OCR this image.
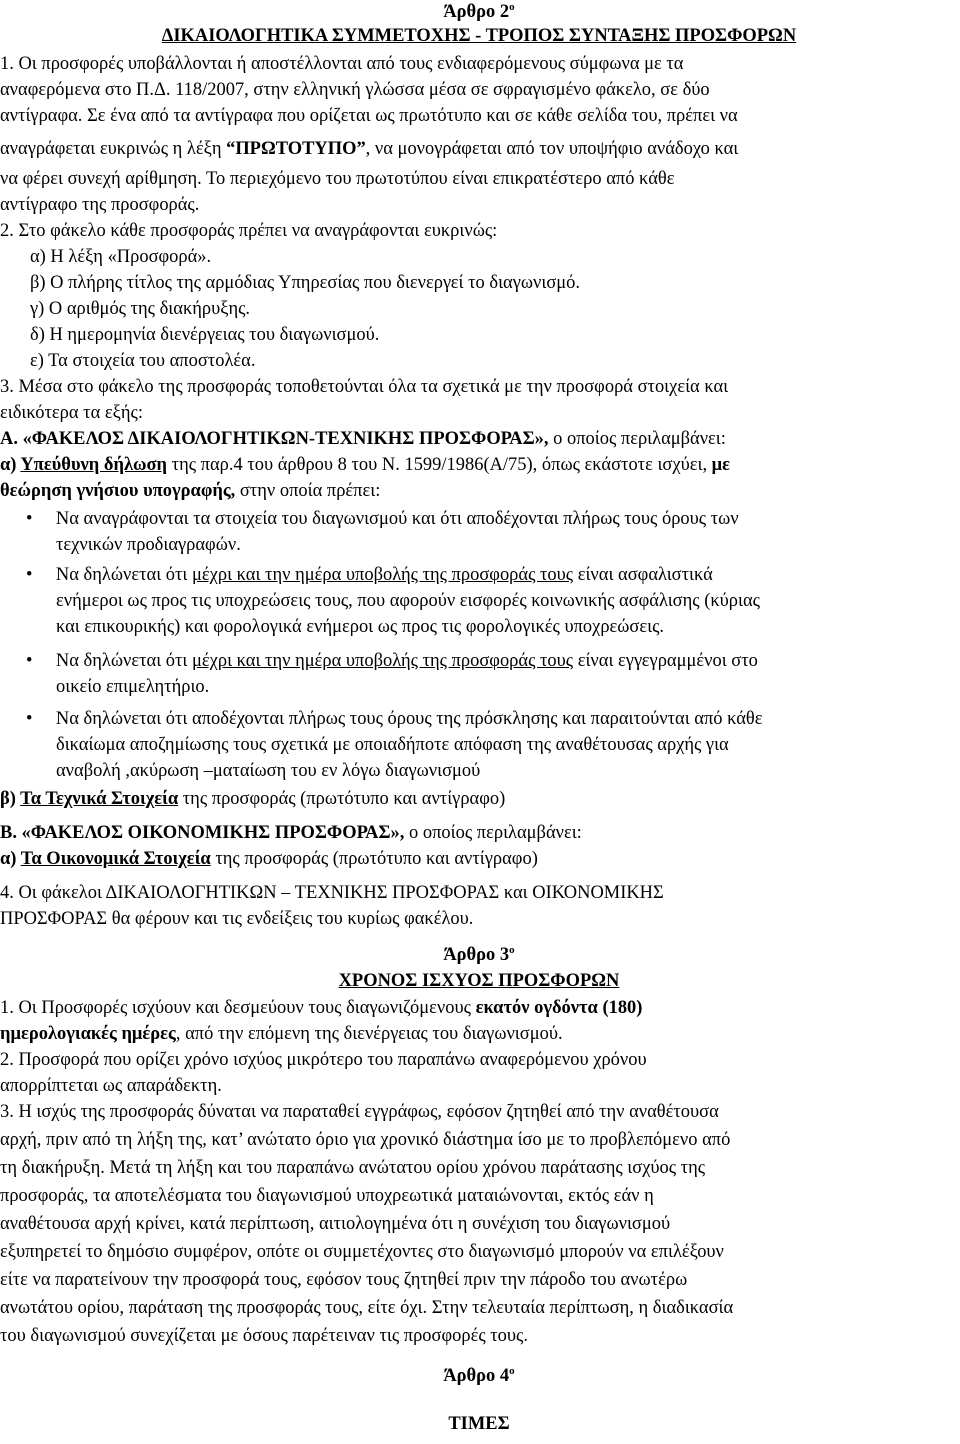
Άρθρο $2^o$
ΔΙΚΑΙΟΛΟΓΗΤΙΚΑ ΣΥΜΜΕΤΟΧΗΣ - ΤΡΟΠΟΣ ΣΥΝΤΑΞΗΣ ΠΡΟΣΦΟΡΩΝ
1. Οι προσφορές υποβάλλονται ή αποστέλλονται από τους ενδιαφερόμενους σύμφωνα με τα
αναφερόμενα στο Π.Δ. 118/2007, στην ελληνική γλώσσα μέσα σε σφραγισμένο φάκελο, σε δύο
αντίγραφα. Σε ένα από τα αντίγραφα που ορίζεται ως πρωτότυπο και σε κάθε σελίδα του, πρέπει να
αναγράφεται ευκρινώς η λέξη “ΠΡΩΤΟΤΥΠΟ”, να μονογράφεται από τον υποψήφιο ανάδοχο και
να φέρει συνεχή αρίθμηση. Το περιεχόμενο του πρωτοτύπου είναι επικρατέστερο από κάθε
αντίγραφο της προσφοράς.
2. Στο φάκελο κάθε προσφοράς πρέπει να αναγράφονται ευκρινώς:
α) Η λέξη «Προσφορά».
β) Ο πλήρης τίτλος της αρμόδιας Υπηρεσίας που διενεργεί το διαγωνισμό.
γ) Ο αριθμός της διακήρυξης.
δ) Η ημερομηνία διενέργειας του διαγωνισμού.
ε) Τα στοιχεία του αποστολέα.
3. Μέσα στο φάκελο της προσφοράς τοποθετούνται όλα τα σχετικά με την προσφορά στοιχεία και
ειδικότερα τα εξής:
Α. «ΦΑΚΕΛΟΣ ΔΙΚΑΙΟΛΟΓΗΤΙΚΩΝ-ΤΕΧΝΙΚΗΣ ΠΡΟΣΦΟΡΑΣ», ο οποίος περιλαμβάνει:
α) Υπεύθυνη δήλωση της παρ.4 του άρθρου 8 του Ν. 1599/1986(Α/75), όπως εκάστοτε ισχύει, με
θεώρηση γνήσιου υπογραφής, στην οποία πρέπει:
• Να αναγράφονται τα στοιχεία του διαγωνισμού και ότι αποδέχονται πλήρως τους όρους των
τεχνικών προδιαγραφών.
• Να δηλώνεται ότι μέχρι και την ημέρα υποβολής της προσφοράς τους είναι ασφαλιστικά
ενήμεροι ως προς τις υποχρεώσεις τους, που αφορούν εισφορές κοινωνικής ασφάλισης (κύριας
και επικουρικής) και φορολογικά ενήμεροι ως προς τις φορολογικές υποχρεώσεις.
• Να δηλώνεται ότι μέχρι και την ημέρα υποβολής της προσφοράς τους είναι εγγεγραμμένοι στο
οικείο επιμελητήριο.
• Να δηλώνεται ότι αποδέχονται πλήρως τους όρους της πρόσκλησης και παραιτούνται από κάθε
δικαίωμα αποζημίωσης τους σχετικά με οποιαδήποτε απόφαση της αναθέτουσας αρχής για
αναβολή ,ακύρωση –ματαίωση του εν λόγω διαγωνισμού
β) Τα Τεχνικά Στοιχεία της προσφοράς (πρωτότυπο και αντίγραφο)
Β. «ΦΑΚΕΛΟΣ ΟΙΚΟΝΟΜΙΚΗΣ ΠΡΟΣΦΟΡΑΣ», ο οποίος περιλαμβάνει:
α) Τα Οικονομικά Στοιχεία της προσφοράς (πρωτότυπο και αντίγραφο)
4. Οι φάκελοι ΔΙΚΑΙΟΛΟΓΗΤΙΚΩΝ – ΤΕΧΝΙΚΗΣ ΠΡΟΣΦΟΡΑΣ και ΟΙΚΟΝΟΜΙΚΗΣ
ΠΡΟΣΦΟΡΑΣ θα φέρουν και τις ενδείξεις του κυρίως φακέλου.
Άρθρο $3^o$
ΧΡΟΝΟΣ ΙΣΧΥΟΣ ΠΡΟΣΦΟΡΩΝ
1. Οι Προσφορές ισχύουν και δεσμεύουν τους διαγωνιζόμενους εκατόν ογδόντα (180)
ημερολογιακές ημέρες, από την επόμενη της διενέργειας του διαγωνισμού.
2. Προσφορά που ορίζει χρόνο ισχύος μικρότερο του παραπάνω αναφερόμενου χρόνου
απορρίπτεται ως απαράδεκτη.
3. Η ισχύς της προσφοράς δύναται να παραταθεί εγγράφως, εφόσον ζητηθεί από την αναθέτουσα
αρχή, πριν από τη λήξη της, κατ’ ανώτατο όριο για χρονικό διάστημα ίσο με το προβλεπόμενο από
τη διακήρυξη. Μετά τη λήξη και του παραπάνω ανώτατου ορίου χρόνου παράτασης ισχύος της
προσφοράς, τα αποτελέσματα του διαγωνισμού υποχρεωτικά ματαιώνονται, εκτός εάν η
αναθέτουσα αρχή κρίνει, κατά περίπτωση, αιτιολογημένα ότι η συνέχιση του διαγωνισμού
εξυπηρετεί το δημόσιο συμφέρον, οπότε οι συμμετέχοντες στο διαγωνισμό μπορούν να επιλέξουν
είτε να παρατείνουν την προσφορά τους, εφόσον τους ζητηθεί πριν την πάροδο του ανωτέρω
ανωτάτου ορίου, παράταση της προσφοράς τους, είτε όχι. Στην τελευταία περίπτωση, η διαδικασία
του διαγωνισμού συνεχίζεται με όσους παρέτειναν τις προσφορές τους.
Άρθρο $4^o$
ΤΙΜΕΣ
